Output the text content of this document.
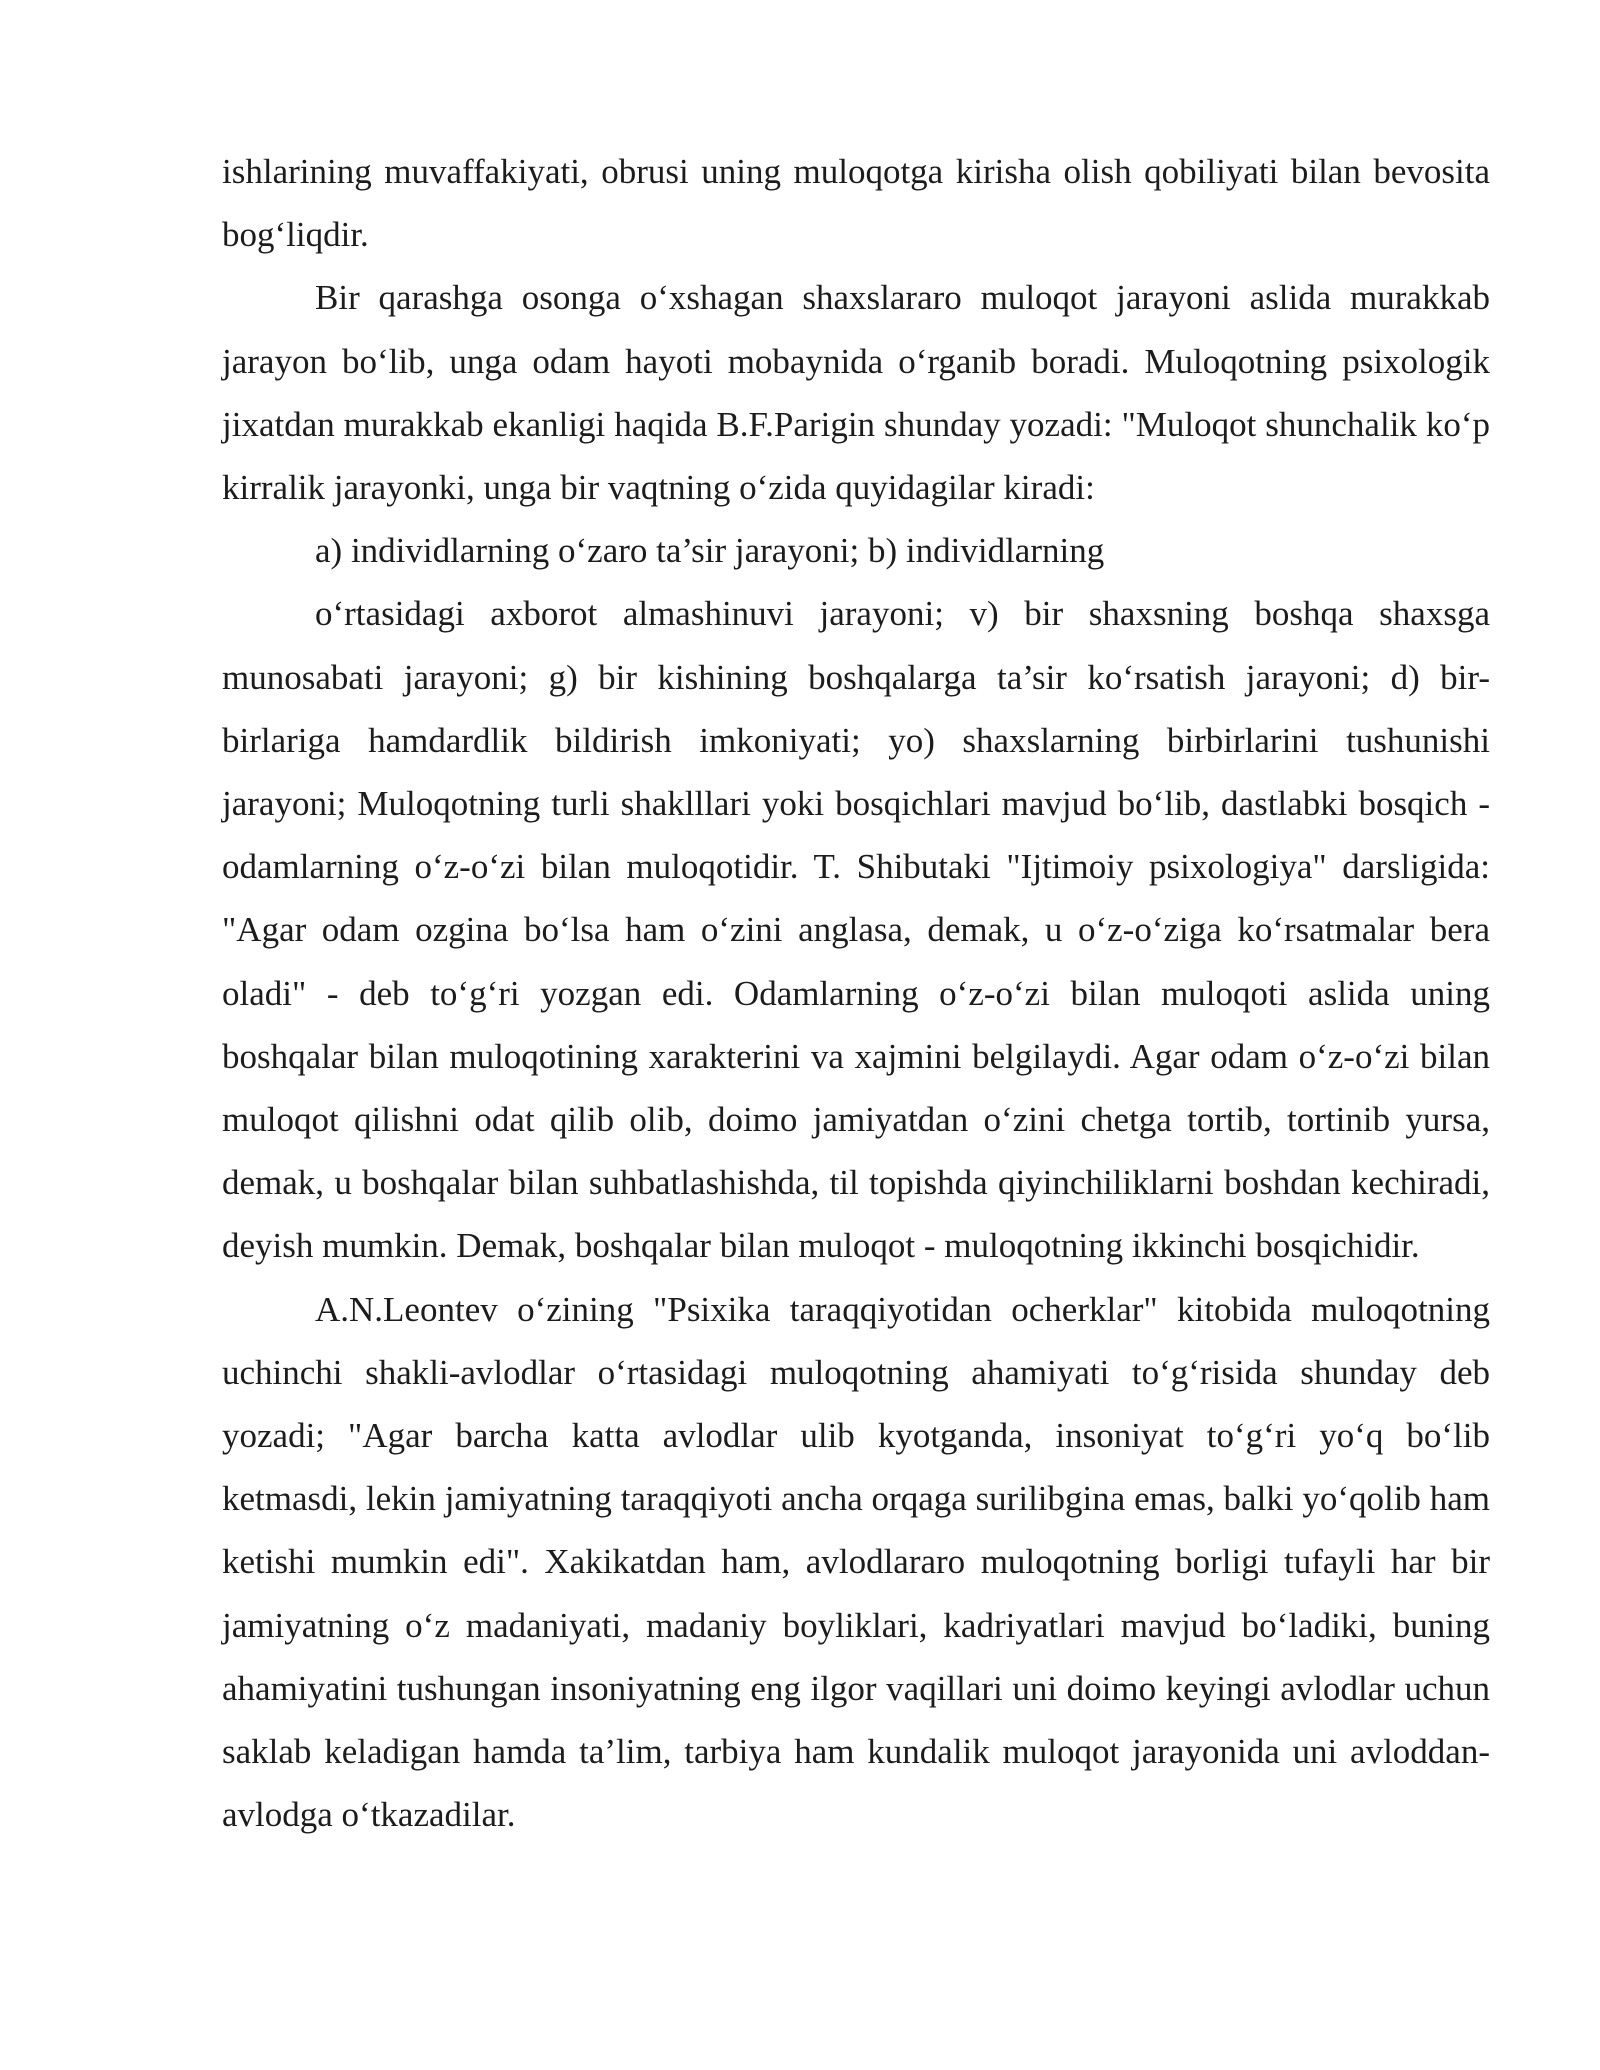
ishlarining muvaffakiyati, obrusi uning muloqotga kirisha olish qobiliyati bilan bevosita bog‘liqdir.

Bir qarashga osonga o‘xshagan shaxslararo muloqot jarayoni aslida murakkab jarayon bo‘lib, unga odam hayoti mobaynida o‘rganib boradi. Muloqotning psixologik jixatdan murakkab ekanligi haqida B.F.Parigin shunday yozadi: "Muloqot shunchalik ko‘p kirralik jarayonki, unga bir vaqtning o‘zida quyidagilar kiradi:

a) individlarning o‘zaro ta’sir jarayoni; b) individlarning

o‘rtasidagi axborot almashinuvi jarayoni; v) bir shaxsning boshqa shaxsga munosabati jarayoni; g) bir kishining boshqalarga ta’sir ko‘rsatish jarayoni; d) bir-birlariga hamdardlik bildirish imkoniyati; yo) shaxslarning birbirlarini tushunishi jarayoni; Muloqotning turli shaklllari yoki bosqichlari mavjud bo‘lib, dastlabki bosqich - odamlarning o‘z-o‘zi bilan muloqotidir. T. Shibutaki "Ijtimoiy psixologiya" darsligida: "Agar odam ozgina bo‘lsa ham o‘zini anglasa, demak, u o‘z-o‘ziga ko‘rsatmalar bera oladi" - deb to‘g‘ri yozgan edi. Odamlarning o‘z-o‘zi bilan muloqoti aslida uning boshqalar bilan muloqotining xarakterini va xajmini belgilaydi. Agar odam o‘z-o‘zi bilan muloqot qilishni odat qilib olib, doimo jamiyatdan o‘zini chetga tortib, tortinib yursa, demak, u boshqalar bilan suhbatlashishda, til topishda qiyinchiliklarni boshdan kechiradi, deyish mumkin. Demak, boshqalar bilan muloqot - muloqotning ikkinchi bosqichidir.

A.N.Leontev o‘zining "Psixika taraqqiyotidan ocherklar" kitobida muloqotning uchinchi shakli-avlodlar o‘rtasidagi muloqotning ahamiyati to‘g‘risida shunday deb yozadi; "Agar barcha katta avlodlar ulib kyotganda, insoniyat to‘g‘ri yo‘q bo‘lib ketmasdi, lekin jamiyatning taraqqiyoti ancha orqaga surilibgina emas, balki yo‘qolib ham ketishi mumkin edi". Xakikatdan ham, avlodlararo muloqotning borligi tufayli har bir jamiyatning o‘z madaniyati, madaniy boyliklari, kadriyatlari mavjud bo‘ladiki, buning ahamiyatini tushungan insoniyatning eng ilgor vaqillari uni doimo keyingi avlodlar uchun saklab keladigan hamda ta’lim, tarbiya ham kundalik muloqot jarayonida uni avloddan-avlodga o‘tkazadilar.
